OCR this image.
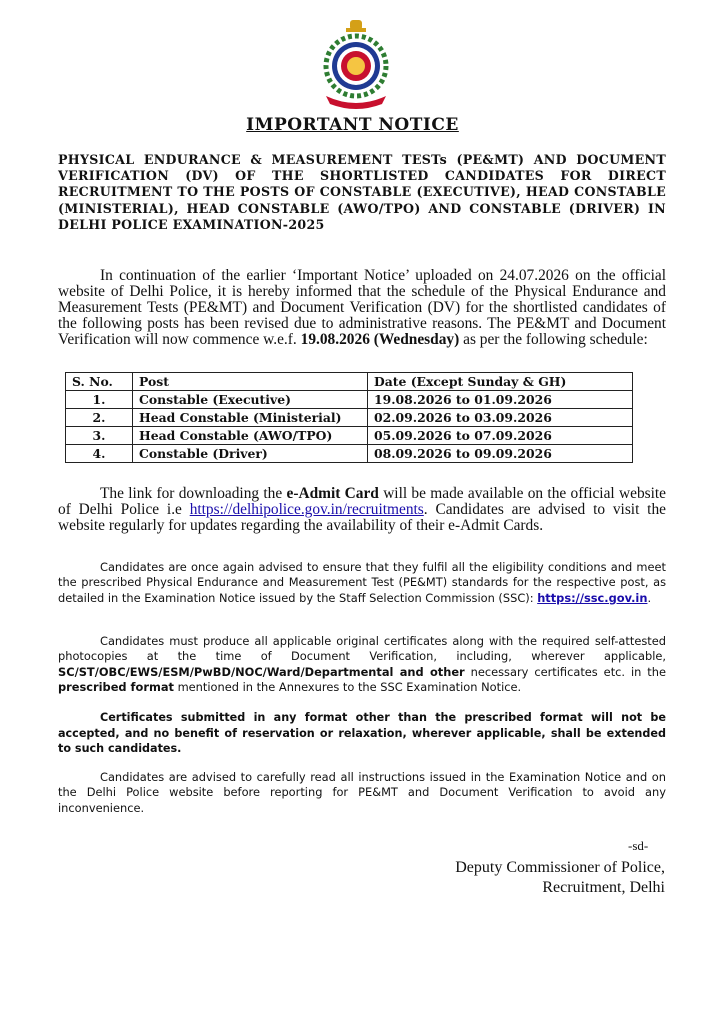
IMPORTANT NOTICE
PHYSICAL ENDURANCE & MEASUREMENT TESTs (PE&MT) AND DOCUMENT VERIFICATION (DV) OF THE SHORTLISTED CANDIDATES FOR DIRECT RECRUITMENT TO THE POSTS OF CONSTABLE (EXECUTIVE), HEAD CONSTABLE (MINISTERIAL), HEAD CONSTABLE (AWO/TPO) AND CONSTABLE (DRIVER) IN DELHI POLICE EXAMINATION-2025
In continuation of the earlier ‘Important Notice’ uploaded on 24.07.2026 on the official website of Delhi Police, it is hereby informed that the schedule of the Physical Endurance and Measurement Tests (PE&MT) and Document Verification (DV) for the shortlisted candidates of the following posts has been revised due to administrative reasons. The PE&MT and Document Verification will now commence w.e.f. 19.08.2026 (Wednesday) as per the following schedule:
S. No.	Post	Date (Except Sunday & GH)
1.	Constable (Executive)	19.08.2026 to 01.09.2026
2.	Head Constable (Ministerial)	02.09.2026 to 03.09.2026
3.	Head Constable (AWO/TPO)	05.09.2026 to 07.09.2026
4.	Constable (Driver)	08.09.2026 to 09.09.2026
The link for downloading the e-Admit Card will be made available on the official website of Delhi Police i.e https://delhipolice.gov.in/recruitments. Candidates are advised to visit the website regularly for updates regarding the availability of their e-Admit Cards.
Candidates are once again advised to ensure that they fulfil all the eligibility conditions and meet the prescribed Physical Endurance and Measurement Test (PE&MT) standards for the respective post, as detailed in the Examination Notice issued by the Staff Selection Commission (SSC): https://ssc.gov.in.
Candidates must produce all applicable original certificates along with the required self-attested photocopies at the time of Document Verification, including, wherever applicable, SC/ST/OBC/EWS/ESM/PwBD/NOC/Ward/Departmental and other necessary certificates etc. in the prescribed format mentioned in the Annexures to the SSC Examination Notice.
Certificates submitted in any format other than the prescribed format will not be accepted, and no benefit of reservation or relaxation, wherever applicable, shall be extended to such candidates.
Candidates are advised to carefully read all instructions issued in the Examination Notice and on the Delhi Police website before reporting for PE&MT and Document Verification to avoid any inconvenience.
-sd-
Deputy Commissioner of Police,
Recruitment, Delhi
